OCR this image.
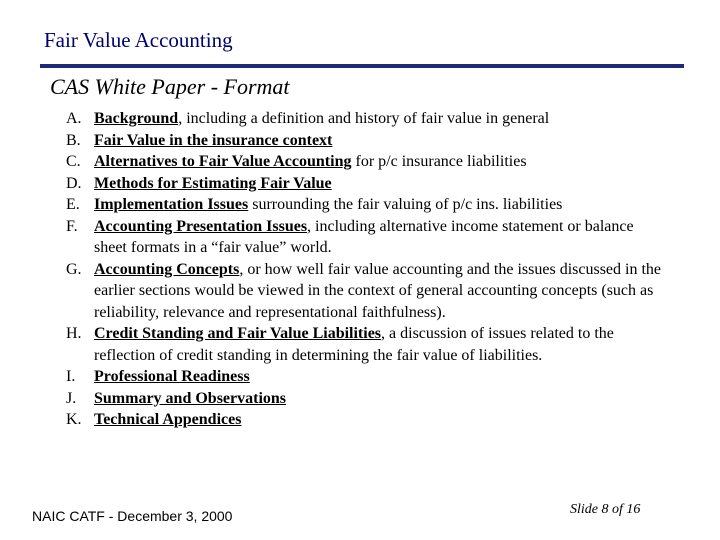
Fair Value Accounting
CAS White Paper - Format
A. Background, including a definition and history of fair value in general
B. Fair Value in the insurance context
C. Alternatives to Fair Value Accounting for p/c insurance liabilities
D. Methods for Estimating Fair Value
E. Implementation Issues surrounding the fair valuing of p/c ins. liabilities
F.	Accounting Presentation Issues, including alternative income statement or balance sheet formats in a “fair value” world.
G. Accounting Concepts, or how well fair value accounting and the issues discussed in the earlier sections would be viewed in the context of general accounting concepts (such as reliability, relevance and representational faithfulness).
H. Credit Standing and Fair Value Liabilities, a discussion of issues related to the reflection of credit standing in determining the fair value of liabilities.
I.	Professional Readiness
J.	Summary and Observations
K. Technical Appendices
NAIC CATF - December 3, 2000	Slide 8 of 16
